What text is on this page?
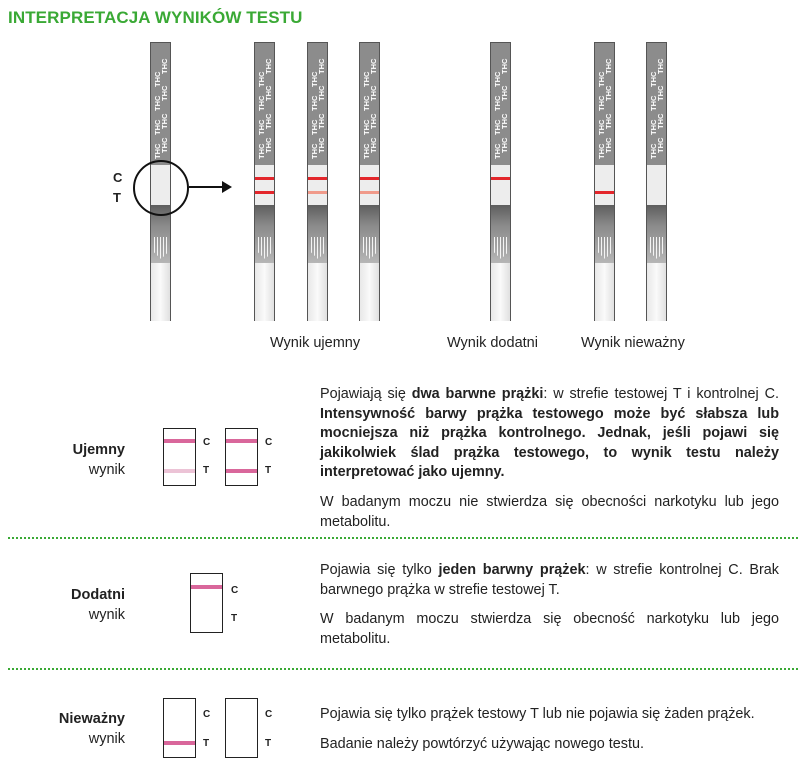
INTERPRETACJA WYNIKÓW TESTU
THC
THC
THC
THC
THC
THC
THC
THC
THC
THC
THC
THC
THC
THC
THC
THC
THC
THC
THC
THC
THC
THC
THC
THC
THC
THC
THC
THC
THC
THC
THC
THC
THC
THC
THC
THC
THC
THC
THC
THC
THC
THC
THC
THC
THC
THC
THC
THC
THC
THC
THC
THC
THC
THC
THC
THC
C
T
Wynik ujemny	Wynik dodatni	Wynik nieważny
Ujemny
wynik
C
T
C
T

Pojawiają się dwa barwne prążki: w strefie testowej T i kontrolnej C. Intensywność barwy prążka testowego może być słabsza lub mocniejsza niż prążka kontrolnego. Jednak, jeśli pojawi się jakikolwiek ślad prążka testowego, to wynik testu należy interpretować jako ujemny.

W badanym moczu nie stwierdza się obecności narkotyku lub jego metabolitu.

Dodatni
wynik
C
T

Pojawia się tylko jeden barwny prążek: w strefie kontrolnej C. Brak barwnego prążka w strefie testowej T.

W badanym moczu stwierdza się obecność narkotyku lub jego metabolitu.

Nieważny
wynik
C
T
C
T

Pojawia się tylko prążek testowy T lub nie pojawia się żaden prążek.

Badanie należy powtórzyć używając nowego testu.
